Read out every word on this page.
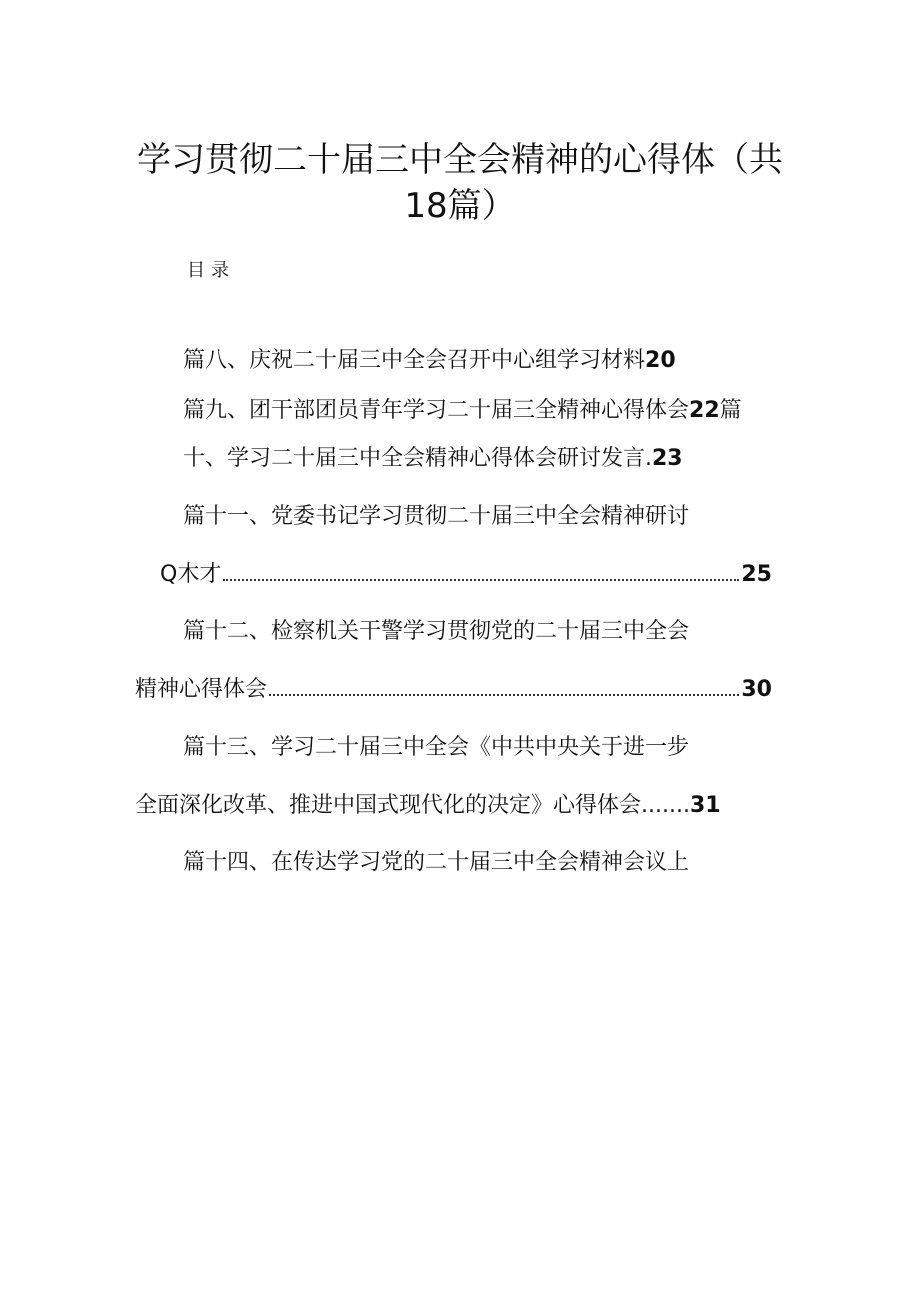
学习贯彻二十届三中全会精神的心得体（共
18篇）
目录
篇八、庆祝二十届三中全会召开中心组学习材料20
篇九、团干部团员青年学习二十届三全精神心得体会22篇
十、学习二十届三中全会精神心得体会研讨发言.23
篇十一、党委书记学习贯彻二十届三中全会精神研讨
Q木才	25
篇十二、检察机关干警学习贯彻党的二十届三中全会
精神心得体会	30
篇十三、学习二十届三中全会《中共中央关于进一步
全面深化改革、推进中国式现代化的决定》心得体会.......31
篇十四、在传达学习党的二十届三中全会精神会议上
